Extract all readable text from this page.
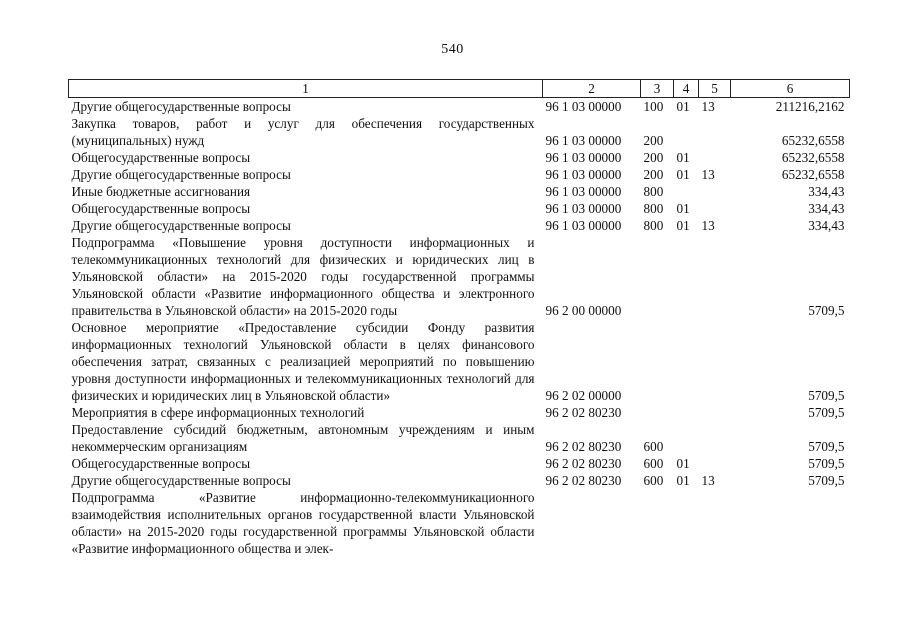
540
1	2	3	4	5	6
Другие общегосударственные вопросы	96 1 03 00000	100	01	13	211216,2162
Закупка товаров, работ и услуг для обеспечения государственных (муниципальных) нужд	96 1 03 00000	200			65232,6558
Общегосударственные вопросы	96 1 03 00000	200	01		65232,6558
Другие общегосударственные вопросы	96 1 03 00000	200	01	13	65232,6558
Иные бюджетные ассигнования	96 1 03 00000	800			334,43
Общегосударственные вопросы	96 1 03 00000	800	01		334,43
Другие общегосударственные вопросы	96 1 03 00000	800	01	13	334,43
Подпрограмма «Повышение уровня доступности информационных и телекоммуникационных технологий для физических и юридических лиц в Ульяновской области» на 2015-2020 годы государственной программы Ульяновской области «Развитие информационного общества и электронного правительства в Ульяновской области» на 2015-2020 годы	96 2 00 00000				5709,5
Основное мероприятие «Предоставление субсидии Фонду развития информационных технологий Ульяновской области в целях финансового обеспечения затрат, связанных с реализацией мероприятий по повышению уровня доступности информационных и телекоммуникационных технологий для физических и юридических лиц в Ульяновской области»	96 2 02 00000				5709,5
Мероприятия в сфере информационных технологий	96 2 02 80230				5709,5
Предоставление субсидий бюджетным, автономным учреждениям и иным некоммерческим организациям	96 2 02 80230	600			5709,5
Общегосударственные вопросы	96 2 02 80230	600	01		5709,5
Другие общегосударственные вопросы	96 2 02 80230	600	01	13	5709,5
Подпрограмма «Развитие информационно-телекоммуникационного взаимодействия исполнительных органов государственной власти Ульяновской области» на 2015-2020 годы государственной программы Ульяновской области «Развитие информационного общества и элек-					
